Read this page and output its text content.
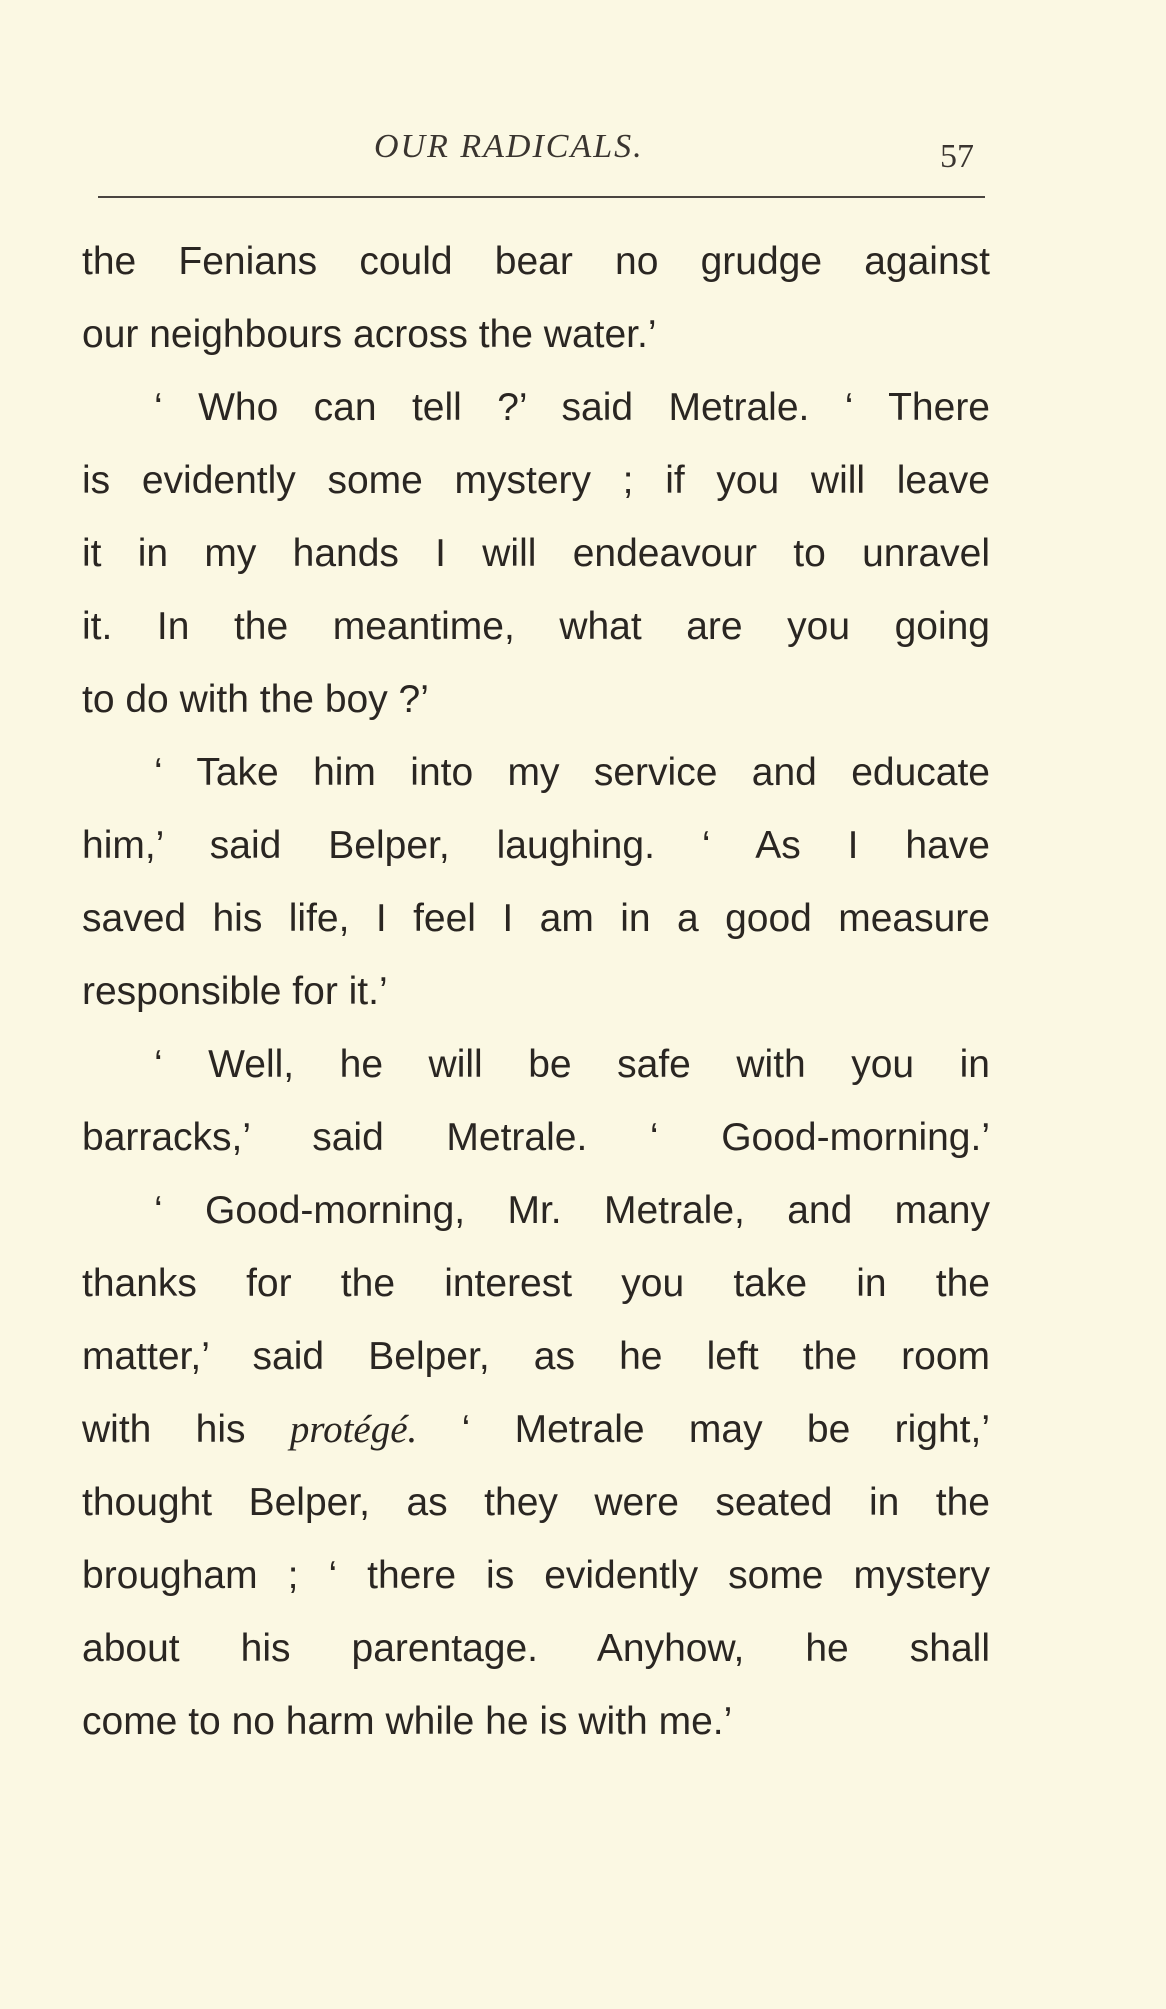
OUR RADICALS.	57
the Fenians could bear no grudge against
our neighbours across the water.’
‘ Who can tell ?’ said Metrale. ‘ There
is evidently some mystery ; if you will leave
it in my hands I will endeavour to unravel
it. In the meantime, what are you going
to do with the boy ?’
‘ Take him into my service and educate
him,’ said Belper, laughing. ‘ As I have
saved his life, I feel I am in a good measure
responsible for it.’
‘ Well, he will be safe with you in
barracks,’ said Metrale. ‘ Good-morning.’
‘ Good-morning, Mr. Metrale, and many
thanks for the interest you take in the
matter,’ said Belper, as he left the room
with his protégé. ‘ Metrale may be right,’
thought Belper, as they were seated in the
brougham ; ‘ there is evidently some mystery
about his parentage. Anyhow, he shall
come to no harm while he is with me.’
